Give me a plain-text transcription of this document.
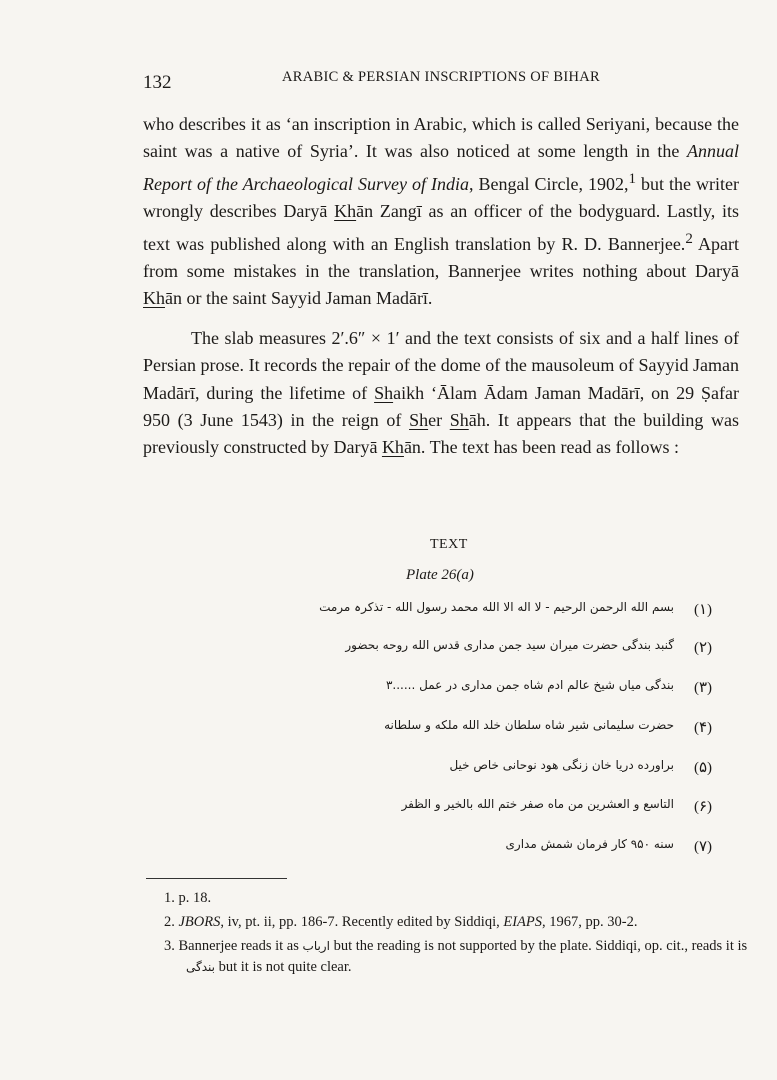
132	ARABIC & PERSIAN INSCRIPTIONS OF BIHAR

who describes it as ‘an inscription in Arabic, which is called Seriyani, because the saint was a native of Syria’. It was also noticed at some length in the Annual Report of the Archaeological Survey of India, Bengal Circle, 1902,$^1$ but the writer wrongly describes Daryā Khān Zangī as an officer of the bodyguard. Lastly, its text was published along with an English translation by R. D. Bannerjee.$^2$ Apart from some mistakes in the translation, Bannerjee writes nothing about Daryā Khān or the saint Sayyid Jaman Madārī.

The slab measures 2′.6″ × 1′ and the text consists of six and a half lines of Persian prose. It records the repair of the dome of the mausoleum of Sayyid Jaman Madārī, during the lifetime of Shaikh ‘Ālam Ādam Jaman Madārī, on 29 Ṣafar 950 (3 June 1543) in the reign of Sher Shāh. It appears that the building was previously constructed by Daryā Khān. The text has been read as follows :

TEXT
Plate 26(a)
(۱)
بسم الله الرحمن الرحیم - لا اله الا الله محمد رسول الله - تذکرہ مرمت
(۲)
گنبد بندگی حضرت میران سید جمن مداری قدس الله روحه بحضور
(۳)
بندگی میاں شیخ عالم ادم شاه جمن مداری در عمل ......۳
(۴)
حضرت سلیمانی شیر شاه سلطان خلد الله ملکه و سلطانه
(۵)
براورده دریا خان زنگی هود نوحانی خاص خیل
(۶)
التاسع و العشرین من ماه صفر ختم الله بالخیر و الظفر
(۷)
سنه ۹۵۰ کار فرمان شمش مداری

1. p. 18.

2. JBORS, iv, pt. ii, pp. 186-7. Recently edited by Siddiqi, EIAPS, 1967, pp. 30-2.

3. Bannerjee reads it as ارباب but the reading is not supported by the plate. Siddiqi, op. cit., reads it is بندگی but it is not quite clear.
